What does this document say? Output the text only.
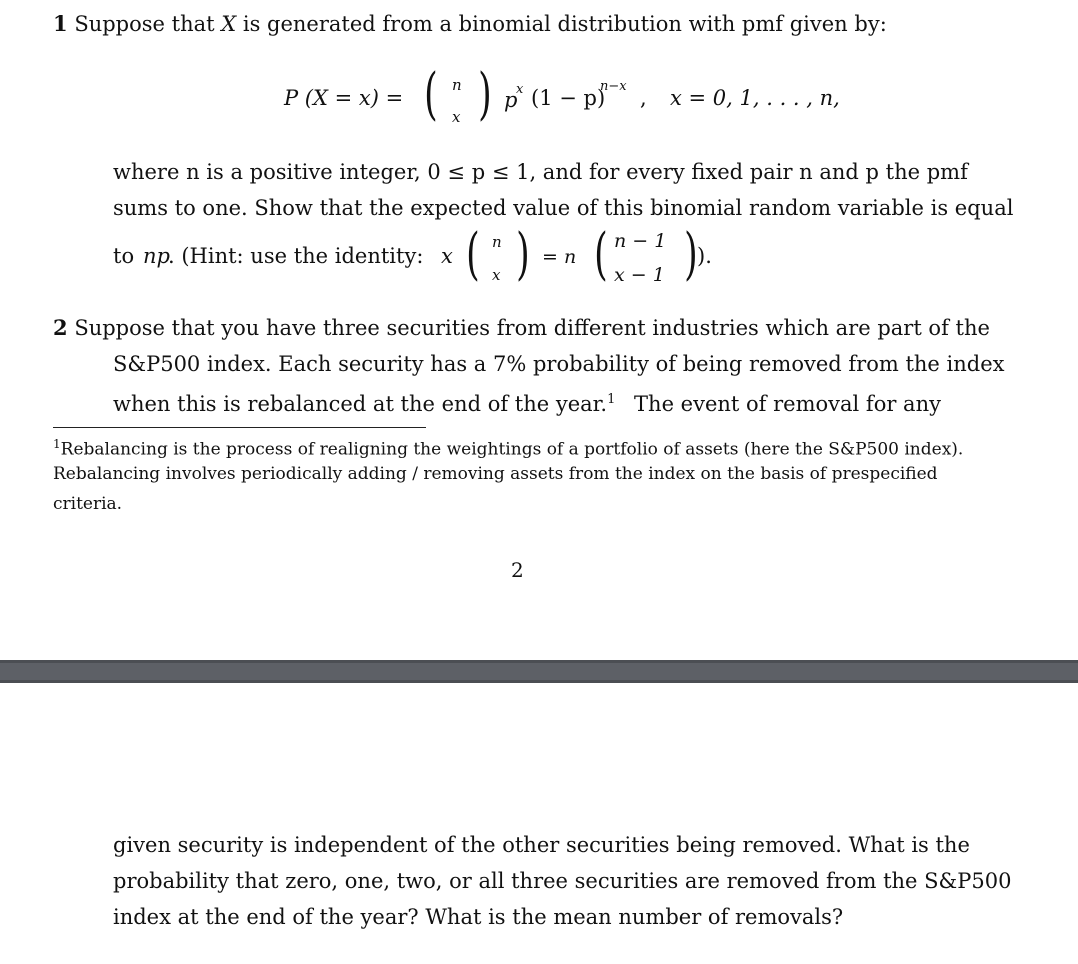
1 Suppose that X is generated from a binomial distribution with pmf given by:
P (X = x) = ( n
x ) p
x (1 − p)
n−x , x = 0, 1, . . . , n,
where n is a positive integer, 0 ≤ p ≤ 1, and for every fixed pair n and p the pmf
sums to one. Show that the expected value of this binomial random variable is equal
to np
. (Hint: use the identity: x ( n
x ) = n ( n − 1
x − 1 ) ).
2 Suppose that you have three securities from different industries which are part of the
S&P500 index. Each security has a 7% probability of being removed from the index
when this is rebalanced at the end of the year.$^1$ The event of removal for any
$^1$Rebalancing is the process of realigning the weightings of a portfolio of assets (here the S&P500 index).
Rebalancing involves periodically adding / removing assets from the index on the basis of prespecified
criteria.
2
given security is independent of the other securities being removed. What is the
probability that zero, one, two, or all three securities are removed from the S&P500
index at the end of the year? What is the mean number of removals?
